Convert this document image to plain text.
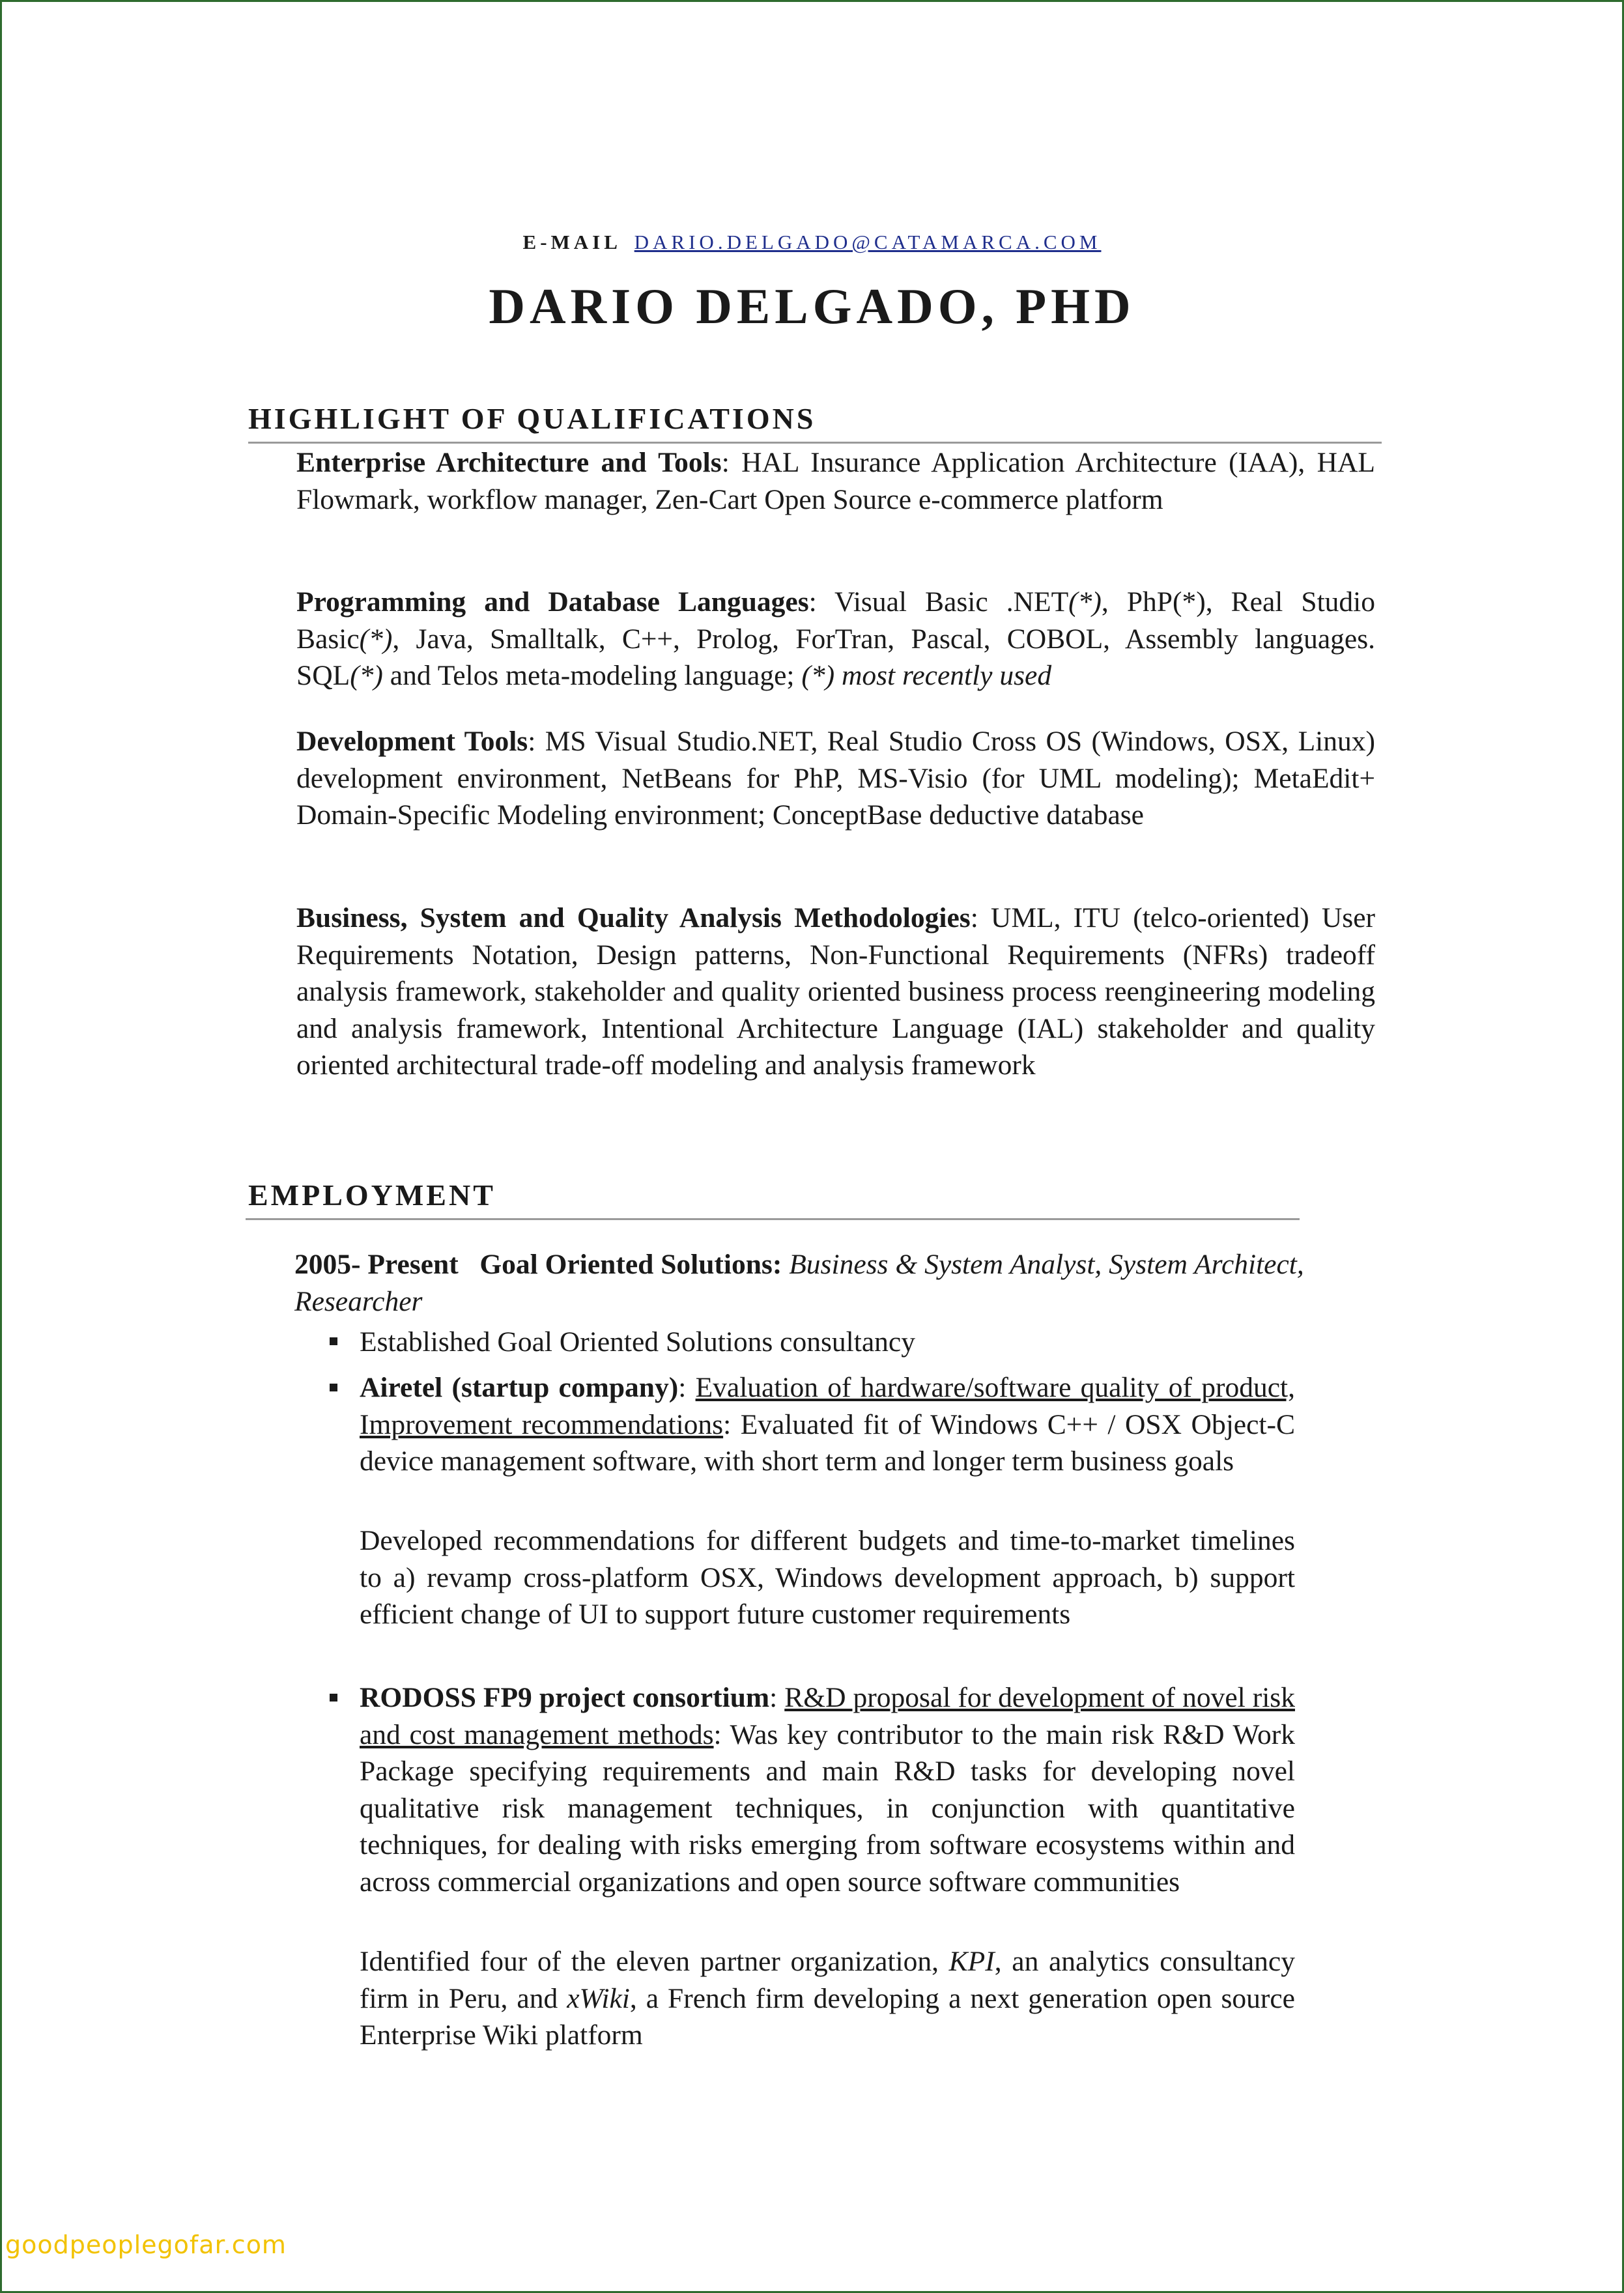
E-MAIL DARIO.DELGADO@CATAMARCA.COM
DARIO DELGADO, PHD
HIGHLIGHT OF QUALIFICATIONS

Enterprise Architecture and Tools: HAL Insurance Application Architecture (IAA), HAL Flowmark, workflow manager, Zen-Cart Open Source e-commerce platform

Programming and Database Languages: Visual Basic .NET(*), PhP(*), Real Studio Basic(*), Java, Smalltalk, C++, Prolog, ForTran, Pascal, COBOL, Assembly languages. SQL(*) and Telos meta-modeling language; (*) most recently used

Development Tools: MS Visual Studio.NET, Real Studio Cross OS (Windows, OSX, Linux) development environment, NetBeans for PhP, MS-Visio (for UML modeling); MetaEdit+ Domain-Specific Modeling environment; ConceptBase deductive database

Business, System and Quality Analysis Methodologies: UML, ITU (telco-oriented) User Requirements Notation, Design patterns, Non-Functional Requirements (NFRs) tradeoff analysis framework, stakeholder and quality oriented business process reengineering modeling and analysis framework, Intentional Architecture Language (IAL) stakeholder and quality oriented architectural trade-off modeling and analysis framework

EMPLOYMENT
2005- Present Goal Oriented Solutions: Business & System Analyst, System Architect, Researcher

Established Goal Oriented Solutions consultancy

Airetel (startup company): Evaluation of hardware/software quality of product, Improvement recommendations: Evaluated fit of Windows C++ / OSX Object-C device management software, with short term and longer term business goals

Developed recommendations for different budgets and time-to-market timelines to a) revamp cross-platform OSX, Windows development approach, b) support efficient change of UI to support future customer requirements

RODOSS FP9 project consortium: R&D proposal for development of novel risk and cost management methods: Was key contributor to the main risk R&D Work Package specifying requirements and main R&D tasks for developing novel qualitative risk management techniques, in conjunction with quantitative techniques, for dealing with risks emerging from software ecosystems within and across commercial organizations and open source software communities

Identified four of the eleven partner organization, KPI, an analytics consultancy firm in Peru, and xWiki, a French firm developing a next generation open source Enterprise Wiki platform

goodpeoplegofar.com
